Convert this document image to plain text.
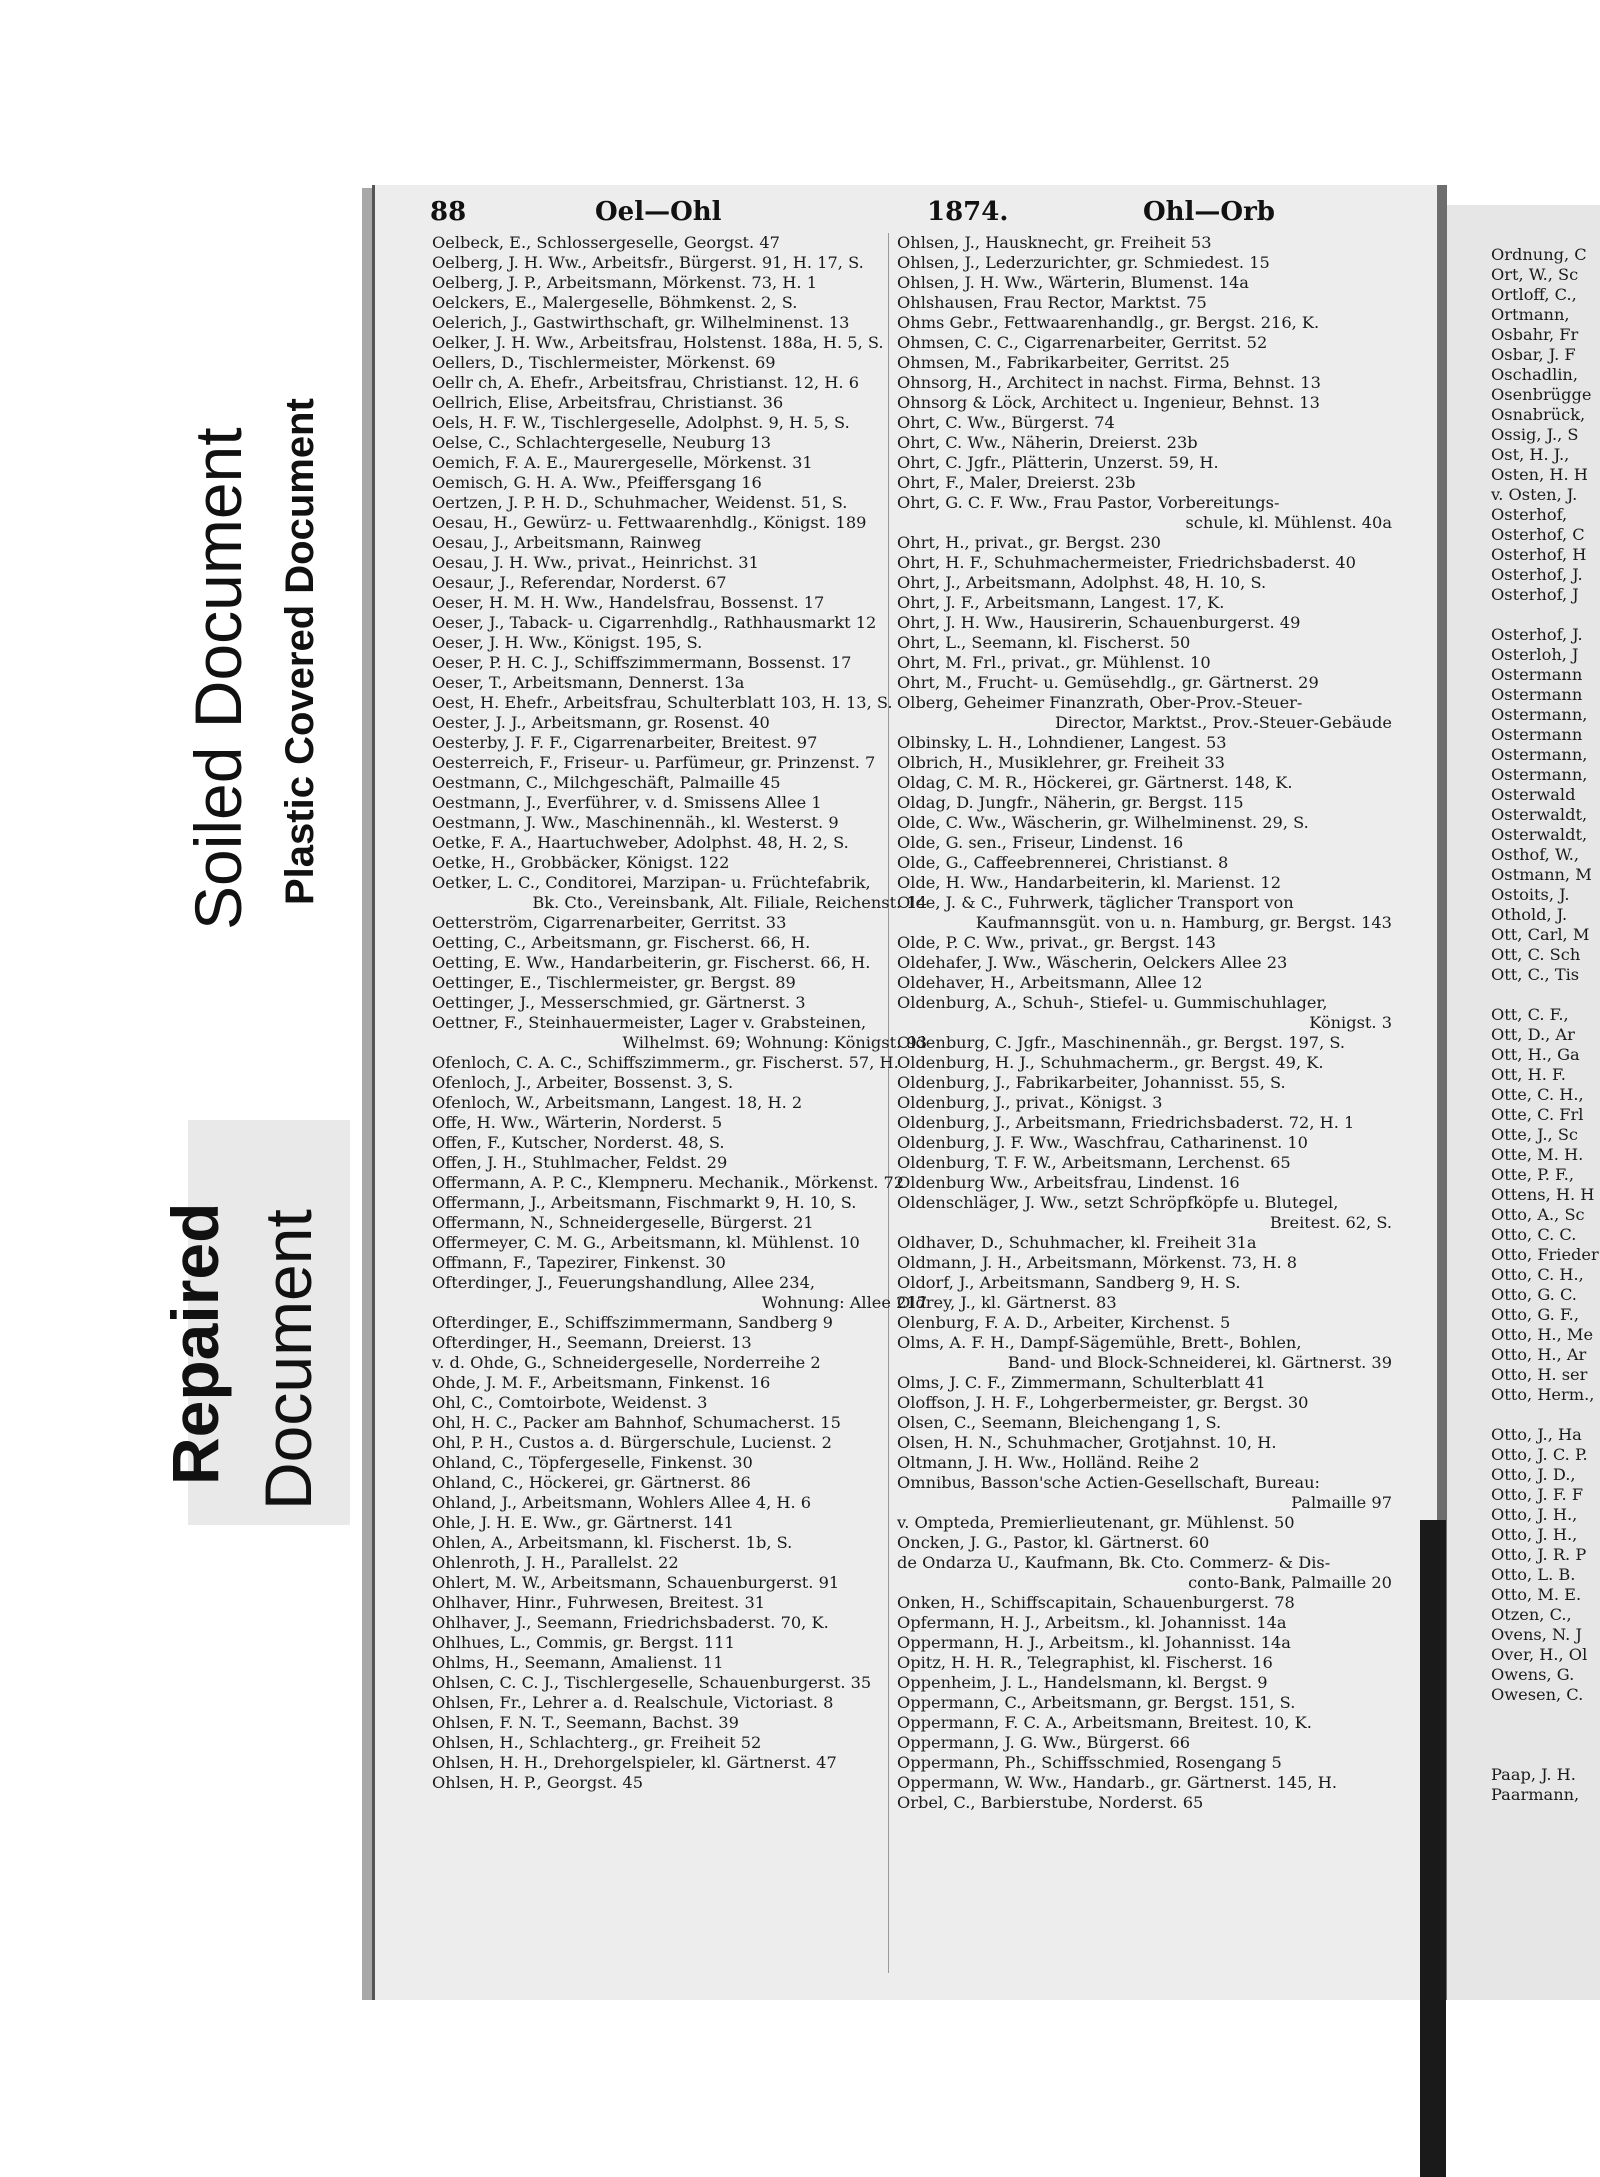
Soiled Document Plastic Covered Document
Repaired Document
88	Oel—Ohl	1874.	Ohl—Orb
Oelbeck, E., Schlossergeselle, Georgst. 47
Oelberg, J. H. Ww., Arbeitsfr., Bürgerst. 91, H. 17, S.
Oelberg, J. P., Arbeitsmann, Mörkenst. 73, H. 1
Oelckers, E., Malergeselle, Böhmkenst. 2, S.
Oelerich, J., Gastwirthschaft, gr. Wilhelminenst. 13
Oelker, J. H. Ww., Arbeitsfrau, Holstenst. 188a, H. 5, S.
Oellers, D., Tischlermeister, Mörkenst. 69
Oellr ch, A. Ehefr., Arbeitsfrau, Christianst. 12, H. 6
Oellrich, Elise, Arbeitsfrau, Christianst. 36
Oels, H. F. W., Tischlergeselle, Adolphst. 9, H. 5, S.
Oelse, C., Schlachtergeselle, Neuburg 13
Oemich, F. A. E., Maurergeselle, Mörkenst. 31
Oemisch, G. H. A. Ww., Pfeiffersgang 16
Oertzen, J. P. H. D., Schuhmacher, Weidenst. 51, S.
Oesau, H., Gewürz- u. Fettwaarenhdlg., Königst. 189
Oesau, J., Arbeitsmann, Rainweg
Oesau, J. H. Ww., privat., Heinrichst. 31
Oesaur, J., Referendar, Norderst. 67
Oeser, H. M. H. Ww., Handelsfrau, Bossenst. 17
Oeser, J., Taback- u. Cigarrenhdlg., Rathhausmarkt 12
Oeser, J. H. Ww., Königst. 195, S.
Oeser, P. H. C. J., Schiffszimmermann, Bossenst. 17
Oeser, T., Arbeitsmann, Dennerst. 13a
Oest, H. Ehefr., Arbeitsfrau, Schulterblatt 103, H. 13, S.
Oester, J. J., Arbeitsmann, gr. Rosenst. 40
Oesterby, J. F. F., Cigarrenarbeiter, Breitest. 97
Oesterreich, F., Friseur- u. Parfümeur, gr. Prinzenst. 7
Oestmann, C., Milchgeschäft, Palmaille 45
Oestmann, J., Everführer, v. d. Smissens Allee 1
Oestmann, J. Ww., Maschinennäh., kl. Westerst. 9
Oetke, F. A., Haartuchweber, Adolphst. 48, H. 2, S.
Oetke, H., Grobbäcker, Königst. 122
Oetker, L. C., Conditorei, Marzipan- u. Früchtefabrik,
Bk. Cto., Vereinsbank, Alt. Filiale, Reichenst. 14
Oetterström, Cigarrenarbeiter, Gerritst. 33
Oetting, C., Arbeitsmann, gr. Fischerst. 66, H.
Oetting, E. Ww., Handarbeiterin, gr. Fischerst. 66, H.
Oettinger, E., Tischlermeister, gr. Bergst. 89
Oettinger, J., Messerschmied, gr. Gärtnerst. 3
Oettner, F., Steinhauermeister, Lager v. Grabsteinen,
Wilhelmst. 69; Wohnung: Königst. 93
Ofenloch, C. A. C., Schiffszimmerm., gr. Fischerst. 57, H.
Ofenloch, J., Arbeiter, Bossenst. 3, S.
Ofenloch, W., Arbeitsmann, Langest. 18, H. 2
Offe, H. Ww., Wärterin, Norderst. 5
Offen, F., Kutscher, Norderst. 48, S.
Offen, J. H., Stuhlmacher, Feldst. 29
Offermann, A. P. C., Klempneru. Mechanik., Mörkenst. 72
Offermann, J., Arbeitsmann, Fischmarkt 9, H. 10, S.
Offermann, N., Schneidergeselle, Bürgerst. 21
Offermeyer, C. M. G., Arbeitsmann, kl. Mühlenst. 10
Offmann, F., Tapezirer, Finkenst. 30
Ofterdinger, J., Feuerungshandlung, Allee 234,
Wohnung: Allee 217
Ofterdinger, E., Schiffszimmermann, Sandberg 9
Ofterdinger, H., Seemann, Dreierst. 13
v. d. Ohde, G., Schneidergeselle, Norderreihe 2
Ohde, J. M. F., Arbeitsmann, Finkenst. 16
Ohl, C., Comtoirbote, Weidenst. 3
Ohl, H. C., Packer am Bahnhof, Schumacherst. 15
Ohl, P. H., Custos a. d. Bürgerschule, Lucienst. 2
Ohland, C., Töpfergeselle, Finkenst. 30
Ohland, C., Höckerei, gr. Gärtnerst. 86
Ohland, J., Arbeitsmann, Wohlers Allee 4, H. 6
Ohle, J. H. E. Ww., gr. Gärtnerst. 141
Ohlen, A., Arbeitsmann, kl. Fischerst. 1b, S.
Ohlenroth, J. H., Parallelst. 22
Ohlert, M. W., Arbeitsmann, Schauenburgerst. 91
Ohlhaver, Hinr., Fuhrwesen, Breitest. 31
Ohlhaver, J., Seemann, Friedrichsbaderst. 70, K.
Ohlhues, L., Commis, gr. Bergst. 111
Ohlms, H., Seemann, Amalienst. 11
Ohlsen, C. C. J., Tischlergeselle, Schauenburgerst. 35
Ohlsen, Fr., Lehrer a. d. Realschule, Victoriast. 8
Ohlsen, F. N. T., Seemann, Bachst. 39
Ohlsen, H., Schlachterg., gr. Freiheit 52
Ohlsen, H. H., Drehorgelspieler, kl. Gärtnerst. 47
Ohlsen, H. P., Georgst. 45
Ohlsen, J., Hausknecht, gr. Freiheit 53
Ohlsen, J., Lederzurichter, gr. Schmiedest. 15
Ohlsen, J. H. Ww., Wärterin, Blumenst. 14a
Ohlshausen, Frau Rector, Marktst. 75
Ohms Gebr., Fettwaarenhandlg., gr. Bergst. 216, K.
Ohmsen, C. C., Cigarrenarbeiter, Gerritst. 52
Ohmsen, M., Fabrikarbeiter, Gerritst. 25
Ohnsorg, H., Architect in nachst. Firma, Behnst. 13
Ohnsorg & Löck, Architect u. Ingenieur, Behnst. 13
Ohrt, C. Ww., Bürgerst. 74
Ohrt, C. Ww., Näherin, Dreierst. 23b
Ohrt, C. Jgfr., Plätterin, Unzerst. 59, H.
Ohrt, F., Maler, Dreierst. 23b
Ohrt, G. C. F. Ww., Frau Pastor, Vorbereitungs-
schule, kl. Mühlenst. 40a
Ohrt, H., privat., gr. Bergst. 230
Ohrt, H. F., Schuhmachermeister, Friedrichsbaderst. 40
Ohrt, J., Arbeitsmann, Adolphst. 48, H. 10, S.
Ohrt, J. F., Arbeitsmann, Langest. 17, K.
Ohrt, J. H. Ww., Hausirerin, Schauenburgerst. 49
Ohrt, L., Seemann, kl. Fischerst. 50
Ohrt, M. Frl., privat., gr. Mühlenst. 10
Ohrt, M., Frucht- u. Gemüsehdlg., gr. Gärtnerst. 29
Olberg, Geheimer Finanzrath, Ober-Prov.-Steuer-
Director, Marktst., Prov.-Steuer-Gebäude
Olbinsky, L. H., Lohndiener, Langest. 53
Olbrich, H., Musiklehrer, gr. Freiheit 33
Oldag, C. M. R., Höckerei, gr. Gärtnerst. 148, K.
Oldag, D. Jungfr., Näherin, gr. Bergst. 115
Olde, C. Ww., Wäscherin, gr. Wilhelminenst. 29, S.
Olde, G. sen., Friseur, Lindenst. 16
Olde, G., Caffeebrennerei, Christianst. 8
Olde, H. Ww., Handarbeiterin, kl. Marienst. 12
Olde, J. & C., Fuhrwerk, täglicher Transport von
Kaufmannsgüt. von u. n. Hamburg, gr. Bergst. 143
Olde, P. C. Ww., privat., gr. Bergst. 143
Oldehafer, J. Ww., Wäscherin, Oelckers Allee 23
Oldehaver, H., Arbeitsmann, Allee 12
Oldenburg, A., Schuh-, Stiefel- u. Gummischuhlager,
Königst. 3
Oldenburg, C. Jgfr., Maschinennäh., gr. Bergst. 197, S.
Oldenburg, H. J., Schuhmacherm., gr. Bergst. 49, K.
Oldenburg, J., Fabrikarbeiter, Johannisst. 55, S.
Oldenburg, J., privat., Königst. 3
Oldenburg, J., Arbeitsmann, Friedrichsbaderst. 72, H. 1
Oldenburg, J. F. Ww., Waschfrau, Catharinenst. 10
Oldenburg, T. F. W., Arbeitsmann, Lerchenst. 65
Oldenburg Ww., Arbeitsfrau, Lindenst. 16
Oldenschläger, J. Ww., setzt Schröpfköpfe u. Blutegel,
Breitest. 62, S.
Oldhaver, D., Schuhmacher, kl. Freiheit 31a
Oldmann, J. H., Arbeitsmann, Mörkenst. 73, H. 8
Oldorf, J., Arbeitsmann, Sandberg 9, H. S.
Oldrey, J., kl. Gärtnerst. 83
Olenburg, F. A. D., Arbeiter, Kirchenst. 5
Olms, A. F. H., Dampf-Sägemühle, Brett-, Bohlen,
Band- und Block-Schneiderei, kl. Gärtnerst. 39
Olms, J. C. F., Zimmermann, Schulterblatt 41
Oloffson, J. H. F., Lohgerbermeister, gr. Bergst. 30
Olsen, C., Seemann, Bleichengang 1, S.
Olsen, H. N., Schuhmacher, Grotjahnst. 10, H.
Oltmann, J. H. Ww., Holländ. Reihe 2
Omnibus, Basson'sche Actien-Gesellschaft, Bureau:
Palmaille 97
v. Ompteda, Premierlieutenant, gr. Mühlenst. 50
Oncken, J. G., Pastor, kl. Gärtnerst. 60
de Ondarza U., Kaufmann, Bk. Cto. Commerz- & Dis-
conto-Bank, Palmaille 20
Onken, H., Schiffscapitain, Schauenburgerst. 78
Opfermann, H. J., Arbeitsm., kl. Johannisst. 14a
Oppermann, H. J., Arbeitsm., kl. Johannisst. 14a
Opitz, H. H. R., Telegraphist, kl. Fischerst. 16
Oppenheim, J. L., Handelsmann, kl. Bergst. 9
Oppermann, C., Arbeitsmann, gr. Bergst. 151, S.
Oppermann, F. C. A., Arbeitsmann, Breitest. 10, K.
Oppermann, J. G. Ww., Bürgerst. 66
Oppermann, Ph., Schiffsschmied, Rosengang 5
Oppermann, W. Ww., Handarb., gr. Gärtnerst. 145, H.
Orbel, C., Barbierstube, Norderst. 65
Ordnung, C
Ort, W., Sc
Ortloff, C.,
Ortmann,
Osbahr, Fr
Osbar, J. F
Oschadlin,
Osenbrügge
Osnabrück,
Ossig, J., S
Ost, H. J.,
Osten, H. H
v. Osten, J.
Osterhof,
Osterhof, C
Osterhof, H
Osterhof, J.
Osterhof, J
Osterhof, J.
Osterloh, J
Ostermann
Ostermann
Ostermann,
Ostermann
Ostermann,
Ostermann,
Osterwald
Osterwaldt,
Osterwaldt,
Osthof, W.,
Ostmann, M
Ostoits, J.
Othold, J.
Ott, Carl, M
Ott, C. Sch
Ott, C., Tis
Ott, C. F.,
Ott, D., Ar
Ott, H., Ga
Ott, H. F.
Otte, C. H.,
Otte, C. Frl
Otte, J., Sc
Otte, M. H.
Otte, P. F.,
Ottens, H. H
Otto, A., Sc
Otto, C. C.
Otto, Frieder
Otto, C. H.,
Otto, G. C.
Otto, G. F.,
Otto, H., Me
Otto, H., Ar
Otto, H. ser
Otto, Herm.,
Otto, J., Ha
Otto, J. C. P.
Otto, J. D.,
Otto, J. F. F
Otto, J. H.,
Otto, J. H.,
Otto, J. R. P
Otto, L. B.
Otto, M. E.
Otzen, C.,
Ovens, N. J
Over, H., Ol
Owens, G.
Owesen, C.
Paap, J. H.
Paarmann,
